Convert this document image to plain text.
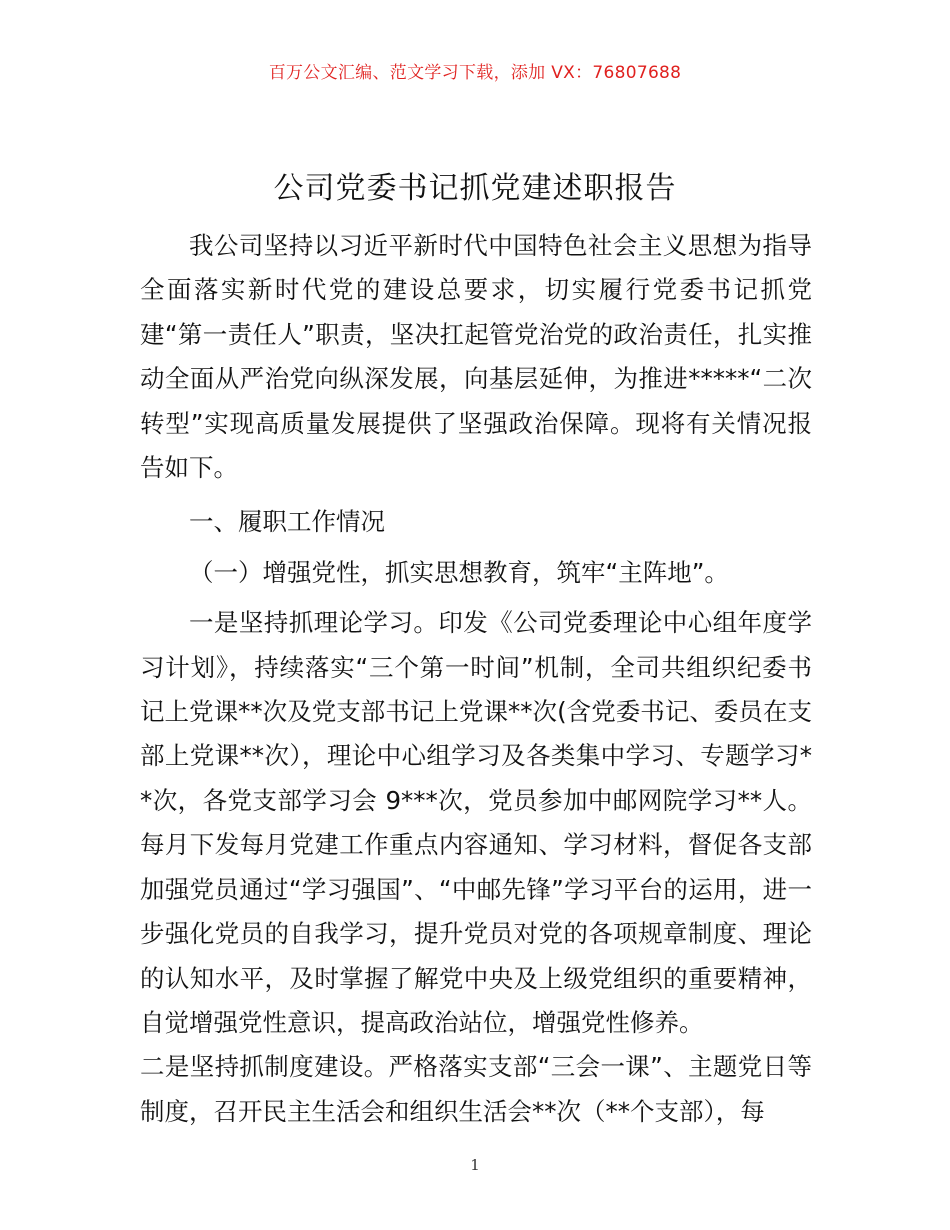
百万公文汇编、范文学习下载，添加 VX：76807688
公司党委书记抓党建述职报告

我公司坚持以习近平新时代中国特色社会主义思想为指导全面落实新时代党的建设总要求，切实履行党委书记抓党建“第一责任人”职责，坚决扛起管党治党的政治责任，扎实推动全面从严治党向纵深发展，向基层延伸，为推进*****“二次转型”实现高质量发展提供了坚强政治保障。现将有关情况报告如下。

一、履职工作情况

（一）增强党性，抓实思想教育，筑牢“主阵地”。

一是坚持抓理论学习。印发《公司党委理论中心组年度学习计划》，持续落实“三个第一时间”机制，全司共组织纪委书记上党课**次及党支部书记上党课**次(含党委书记、委员在支部上党课**次），理论中心组学习及各类集中学习、专题学习**次，各党支部学习会 9***次，党员参加中邮网院学习**人。每月下发每月党建工作重点内容通知、学习材料，督促各支部加强党员通过“学习强国”、“中邮先锋”学习平台的运用，进一步强化党员的自我学习，提升党员对党的各项规章制度、理论的认知水平，及时掌握了解党中央及上级党组织的重要精神，自觉增强党性意识，提高政治站位，增强党性修养。

二是坚持抓制度建设。严格落实支部“三会一课”、主题党日等制度，召开民主生活会和组织生活会**次（**个支部），每

1
